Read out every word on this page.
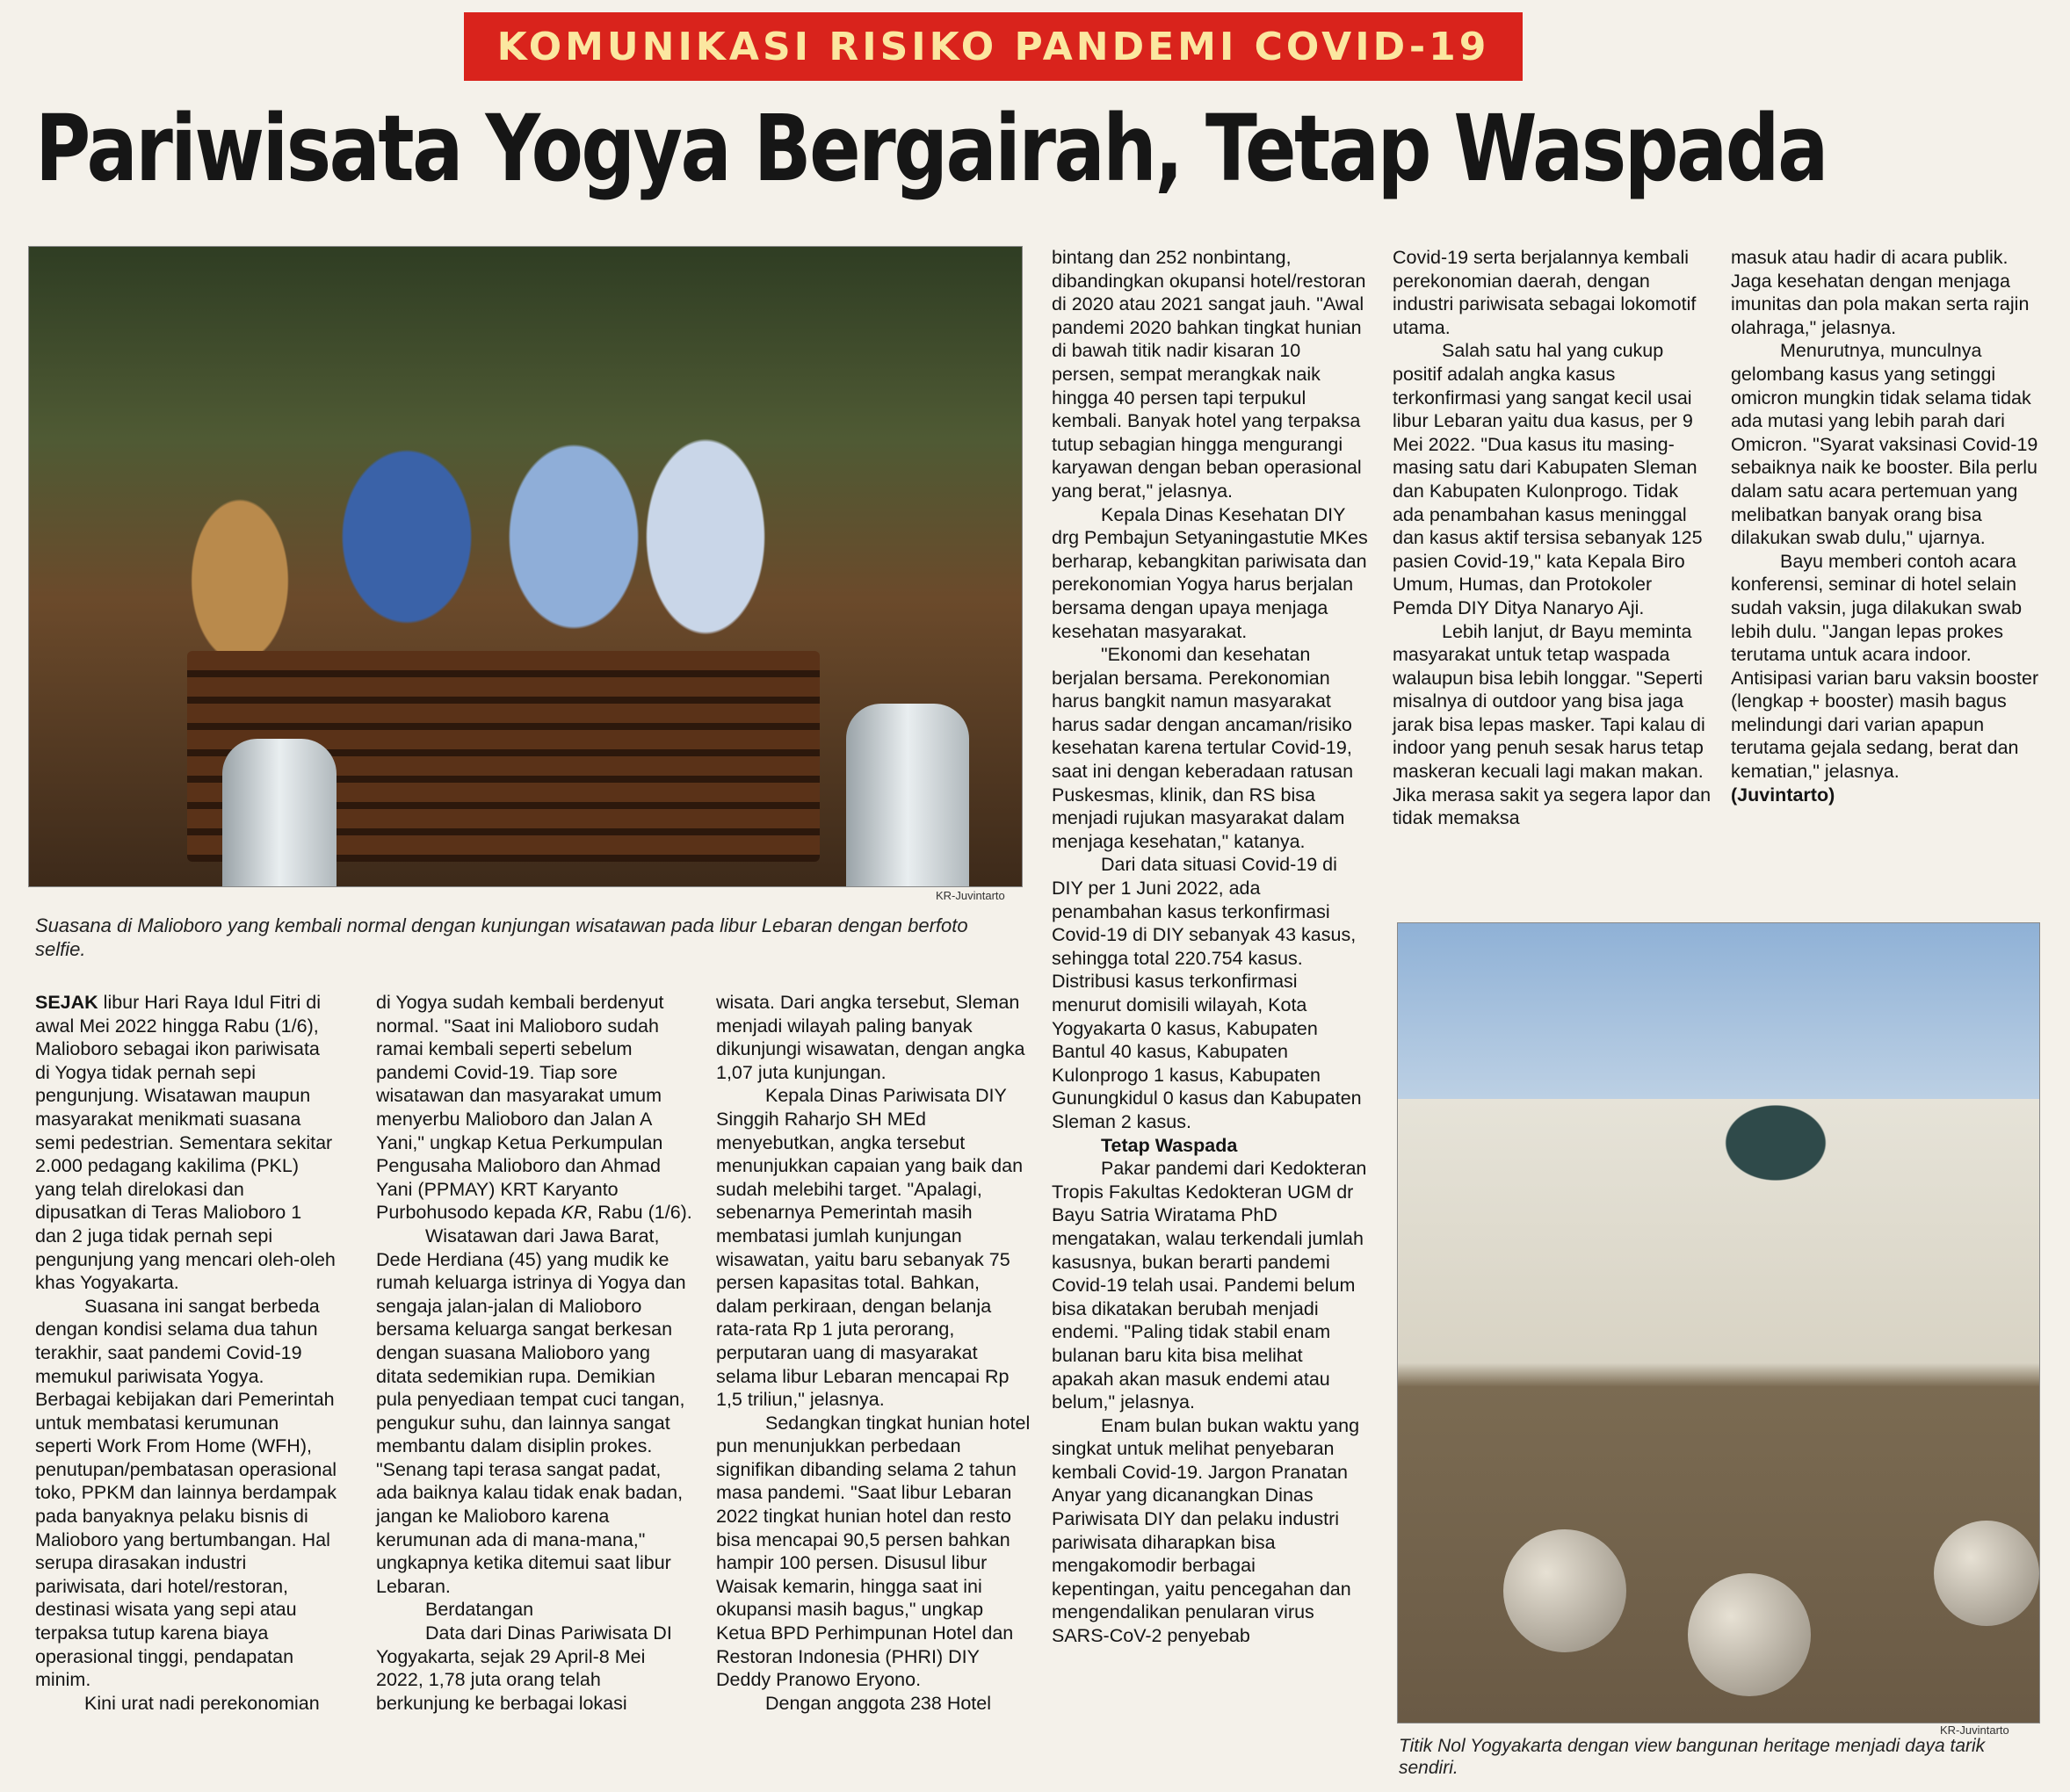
KOMUNIKASI RISIKO PANDEMI COVID-19
Pariwisata Yogya Bergairah, Tetap Waspada
KR-Juvintarto
Suasana di Malioboro yang kembali normal dengan kunjungan wisatawan pada libur Lebaran dengan berfoto selfie.
KR-Juvintarto
Titik Nol Yogyakarta dengan view bangunan heritage menjadi daya tarik sendiri.

SEJAK libur Hari Raya Idul Fitri di awal Mei 2022 hingga Rabu (1/6), Malioboro sebagai ikon pariwisata di Yogya tidak pernah sepi pengunjung. Wisatawan maupun masyarakat menikmati suasana semi pedestrian. Sementara sekitar 2.000 pedagang kakilima (PKL) yang telah direlokasi dan dipusatkan di Teras Malioboro 1 dan 2 juga tidak pernah sepi pengunjung yang mencari oleh-oleh khas Yogyakarta.

Suasana ini sangat berbeda dengan kondisi selama dua tahun terakhir, saat pandemi Covid-19 memukul pariwisata Yogya. Berbagai kebijakan dari Pemerintah untuk membatasi kerumunan seperti Work From Home (WFH), penutupan/pembatasan operasional toko, PPKM dan lainnya berdampak pada banyaknya pelaku bisnis di Malioboro yang bertumbangan. Hal serupa dirasakan industri pariwisata, dari hotel/restoran, destinasi wisata yang sepi atau terpaksa tutup karena biaya operasional tinggi, pendapatan minim.

Kini urat nadi perekonomian

di Yogya sudah kembali berdenyut normal. "Saat ini Malioboro sudah ramai kembali seperti sebelum pandemi Covid-19. Tiap sore wisatawan dan masyarakat umum menyerbu Malioboro dan Jalan A Yani," ungkap Ketua Perkumpulan Pengusaha Malioboro dan Ahmad Yani (PPMAY) KRT Karyanto Purbohusodo kepada KR, Rabu (1/6).

Wisatawan dari Jawa Barat, Dede Herdiana (45) yang mudik ke rumah keluarga istrinya di Yogya dan sengaja jalan-jalan di Malioboro bersama keluarga sangat berkesan dengan suasana Malioboro yang ditata sedemikian rupa. Demikian pula penyediaan tempat cuci tangan, pengukur suhu, dan lainnya sangat membantu dalam disiplin prokes. "Senang tapi terasa sangat padat, ada baiknya kalau tidak enak badan, jangan ke Malioboro karena kerumunan ada di mana-mana," ungkapnya ketika ditemui saat libur Lebaran.

Berdatangan

Data dari Dinas Pariwisata DI Yogyakarta, sejak 29 April-8 Mei 2022, 1,78 juta orang telah berkunjung ke berbagai lokasi

wisata. Dari angka tersebut, Sleman menjadi wilayah paling banyak dikunjungi wisawatan, dengan angka 1,07 juta kunjungan.

Kepala Dinas Pariwisata DIY Singgih Raharjo SH MEd menyebutkan, angka tersebut menunjukkan capaian yang baik dan sudah melebihi target. "Apalagi, sebenarnya Pemerintah masih membatasi jumlah kunjungan wisawatan, yaitu baru sebanyak 75 persen kapasitas total. Bahkan, dalam perkiraan, dengan belanja rata-rata Rp 1 juta perorang, perputaran uang di masyarakat selama libur Lebaran mencapai Rp 1,5 triliun," jelasnya.

Sedangkan tingkat hunian hotel pun menunjukkan perbedaan signifikan dibanding selama 2 tahun masa pandemi. "Saat libur Lebaran 2022 tingkat hunian hotel dan resto bisa mencapai 90,5 persen bahkan hampir 100 persen. Disusul libur Waisak kemarin, hingga saat ini okupansi masih bagus," ungkap Ketua BPD Perhimpunan Hotel dan Restoran Indonesia (PHRI) DIY Deddy Pranowo Eryono.

Dengan anggota 238 Hotel

bintang dan 252 nonbintang, dibandingkan okupansi hotel/restoran di 2020 atau 2021 sangat jauh. "Awal pandemi 2020 bahkan tingkat hunian di bawah titik nadir kisaran 10 persen, sempat merangkak naik hingga 40 persen tapi terpukul kembali. Banyak hotel yang terpaksa tutup sebagian hingga mengurangi karyawan dengan beban operasional yang berat," jelasnya.

Kepala Dinas Kesehatan DIY drg Pembajun Setyaningastutie MKes berharap, kebangkitan pariwisata dan perekonomian Yogya harus berjalan bersama dengan upaya menjaga kesehatan masyarakat.

"Ekonomi dan kesehatan berjalan bersama. Perekonomian harus bangkit namun masyarakat harus sadar dengan ancaman/risiko kesehatan karena tertular Covid-19, saat ini dengan keberadaan ratusan Puskesmas, klinik, dan RS bisa menjadi rujukan masyarakat dalam menjaga kesehatan," katanya.

Dari data situasi Covid-19 di DIY per 1 Juni 2022, ada penambahan kasus terkonfirmasi Covid-19 di DIY sebanyak 43 kasus, sehingga total 220.754 kasus. Distribusi kasus terkonfirmasi menurut domisili wilayah, Kota Yogyakarta 0 kasus, Kabupaten Bantul 40 kasus, Kabupaten Kulonprogo 1 kasus, Kabupaten Gunungkidul 0 kasus dan Kabupaten Sleman 2 kasus.

Tetap Waspada

Pakar pandemi dari Kedokteran Tropis Fakultas Kedokteran UGM dr Bayu Satria Wiratama PhD mengatakan, walau terkendali jumlah kasusnya, bukan berarti pandemi Covid-19 telah usai. Pandemi belum bisa dikatakan berubah menjadi endemi. "Paling tidak stabil enam bulanan baru kita bisa melihat apakah akan masuk endemi atau belum," jelasnya.

Enam bulan bukan waktu yang singkat untuk melihat penyebaran kembali Covid-19. Jargon Pranatan Anyar yang dicanangkan Dinas Pariwisata DIY dan pelaku industri pariwisata diharapkan bisa mengakomodir berbagai kepentingan, yaitu pencegahan dan mengendalikan penularan virus SARS-CoV-2 penyebab

Covid-19 serta berjalannya kembali perekonomian daerah, dengan industri pariwisata sebagai lokomotif utama.

Salah satu hal yang cukup positif adalah angka kasus terkonfirmasi yang sangat kecil usai libur Lebaran yaitu dua kasus, per 9 Mei 2022. "Dua kasus itu masing-masing satu dari Kabupaten Sleman dan Kabupaten Kulonprogo. Tidak ada penambahan kasus meninggal dan kasus aktif tersisa sebanyak 125 pasien Covid-19," kata Kepala Biro Umum, Humas, dan Protokoler Pemda DIY Ditya Nanaryo Aji.

Lebih lanjut, dr Bayu meminta masyarakat untuk tetap waspada walaupun bisa lebih longgar. "Seperti misalnya di outdoor yang bisa jaga jarak bisa lepas masker. Tapi kalau di indoor yang penuh sesak harus tetap maskeran kecuali lagi makan makan. Jika merasa sakit ya segera lapor dan tidak memaksa

masuk atau hadir di acara publik. Jaga kesehatan dengan menjaga imunitas dan pola makan serta rajin olahraga," jelasnya.

Menurutnya, munculnya gelombang kasus yang setinggi omicron mungkin tidak selama tidak ada mutasi yang lebih parah dari Omicron. "Syarat vaksinasi Covid-19 sebaiknya naik ke booster. Bila perlu dalam satu acara pertemuan yang melibatkan banyak orang bisa dilakukan swab dulu," ujarnya.

Bayu memberi contoh acara konferensi, seminar di hotel selain sudah vaksin, juga dilakukan swab lebih dulu. "Jangan lepas prokes terutama untuk acara indoor. Antisipasi varian baru vaksin booster (lengkap + booster) masih bagus melindungi dari varian apapun terutama gejala sedang, berat dan kematian," jelasnya.

(Juvintarto)
